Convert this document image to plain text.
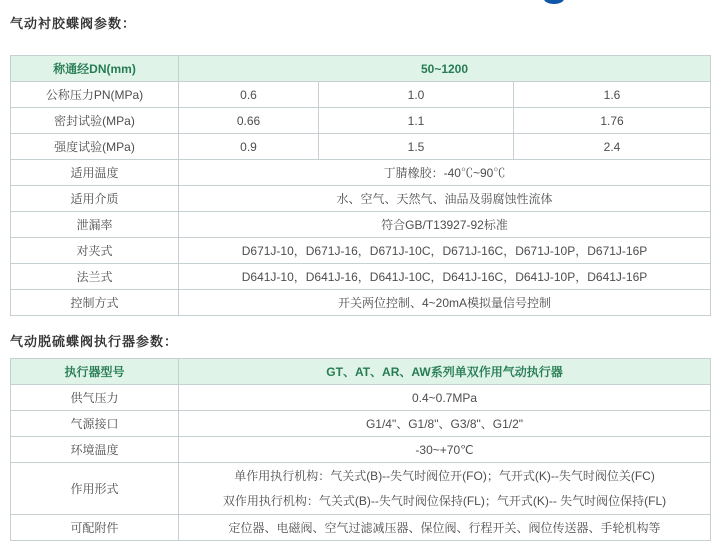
气动衬胶蝶阀参数：
称通经DN(mm)	50~1200		
公称压力PN(MPa)	0.6	1.0	1.6
密封试验(MPa)	0.66	1.1	1.76
强度试验(MPa)	0.9	1.5	2.4
适用温度	丁腈橡胶：-40℃~90℃		
适用介质	水、空气、天然气、油品及弱腐蚀性流体		
泄漏率	符合GB/T13927-92标准		
对夹式	D671J-10，D671J-16，D671J-10C，D671J-16C，D671J-10P，D671J-16P		
法兰式	D641J-10，D641J-16，D641J-10C，D641J-16C，D641J-10P，D641J-16P		
控制方式	开关两位控制、4~20mA模拟量信号控制		
气动脱硫蝶阀执行器参数：
执行器型号	GT、AT、AR、AW系列单双作用气动执行器
供气压力	0.4~0.7MPa
气源接口	G1/4"、G1/8"、G3/8"、G1/2"
环境温度	-30~+70℃
作用形式	单作用执行机构：气关式(B)--失气时阀位开(FO)；气开式(K)--失气时阀位关(FC)
双作用执行机构：气关式(B)--失气时阀位保持(FL)；气开式(K)-- 失气时阀位保持(FL)

可配附件	定位器、电磁阀、空气过滤减压器、保位阀、行程开关、阀位传送器、手轮机构等
